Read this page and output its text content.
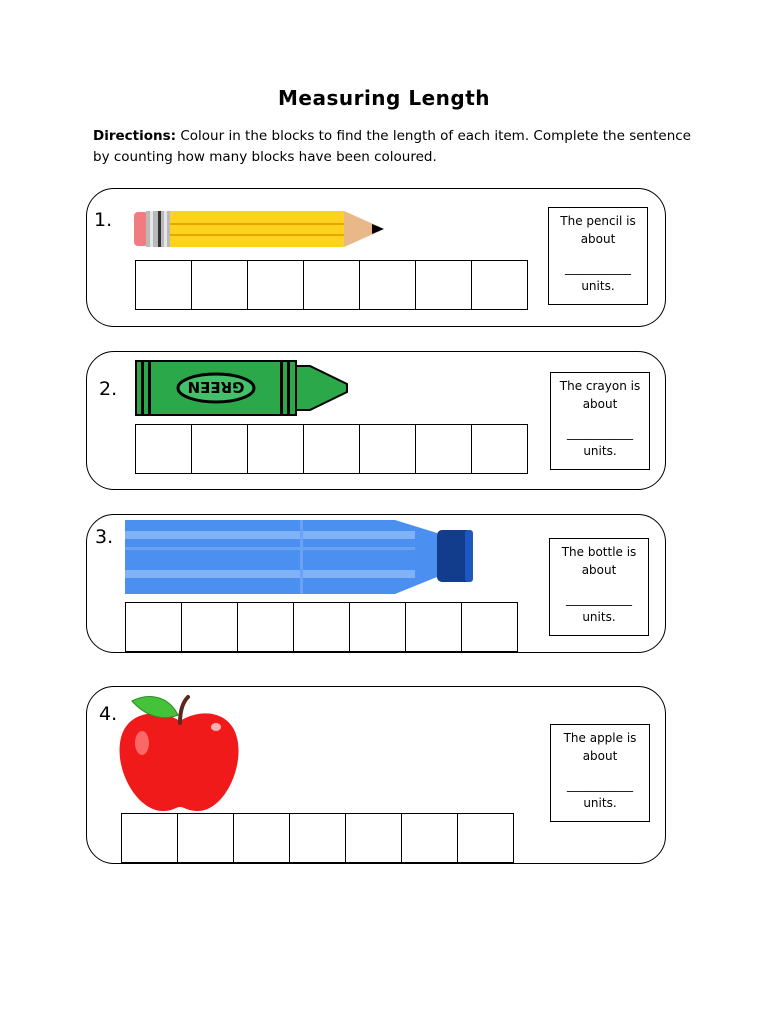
Measuring Length
Directions: Colour in the blocks to find the length of each item. Complete the sentence by counting how many blocks have been coloured.
1.	The pencil is
about
___________
units.
2.	GREEN	The crayon is
about
___________
units.
3.
The bottle is
about
___________
units.
4.
The apple is
about
___________
units.
